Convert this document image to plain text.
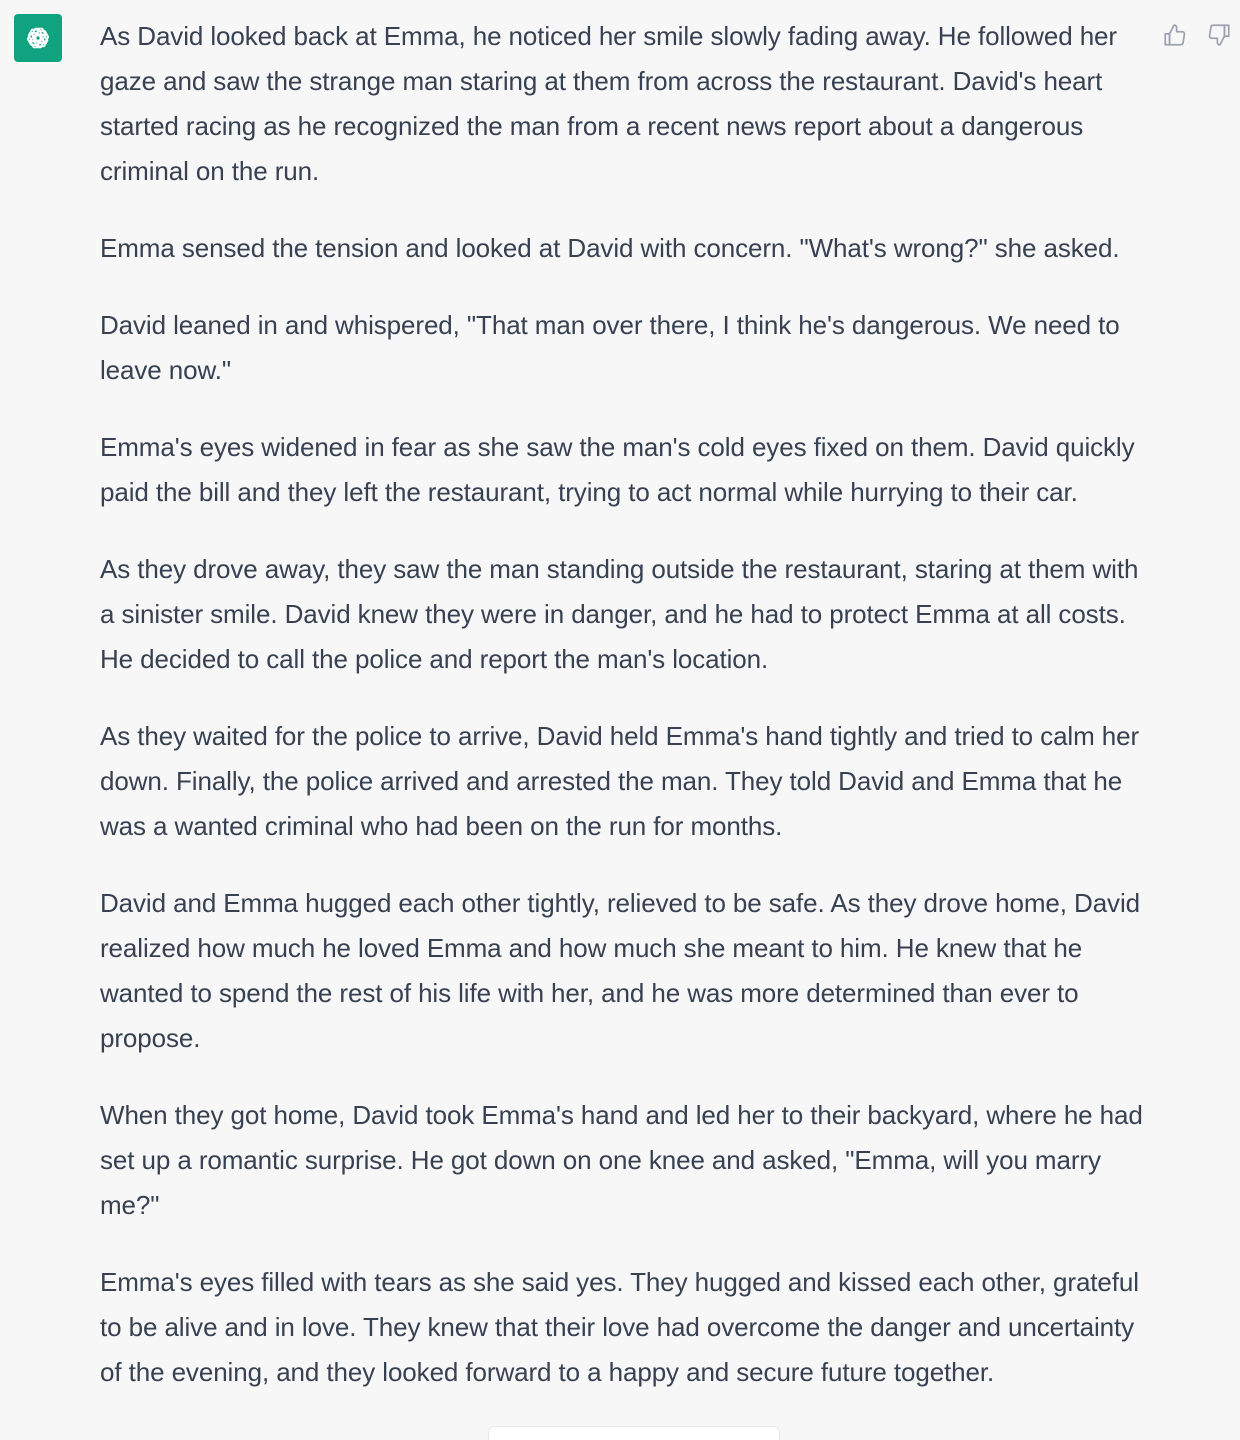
As David looked back at Emma, he noticed her smile slowly fading away. He followed her gaze and saw the strange man staring at them from across the restaurant. David's heart started racing as he recognized the man from a recent news report about a dangerous criminal on the run.

Emma sensed the tension and looked at David with concern. "What's wrong?" she asked.

David leaned in and whispered, "That man over there, I think he's dangerous. We need to leave now."

Emma's eyes widened in fear as she saw the man's cold eyes fixed on them. David quickly paid the bill and they left the restaurant, trying to act normal while hurrying to their car.

As they drove away, they saw the man standing outside the restaurant, staring at them with a sinister smile. David knew they were in danger, and he had to protect Emma at all costs. He decided to call the police and report the man's location.

As they waited for the police to arrive, David held Emma's hand tightly and tried to calm her down. Finally, the police arrived and arrested the man. They told David and Emma that he was a wanted criminal who had been on the run for months.

David and Emma hugged each other tightly, relieved to be safe. As they drove home, David realized how much he loved Emma and how much she meant to him. He knew that he wanted to spend the rest of his life with her, and he was more determined than ever to propose.

When they got home, David took Emma's hand and led her to their backyard, where he had set up a romantic surprise. He got down on one knee and asked, "Emma, will you marry me?"

Emma's eyes filled with tears as she said yes. They hugged and kissed each other, grateful to be alive and in love. They knew that their love had overcome the danger and uncertainty of the evening, and they looked forward to a happy and secure future together.
